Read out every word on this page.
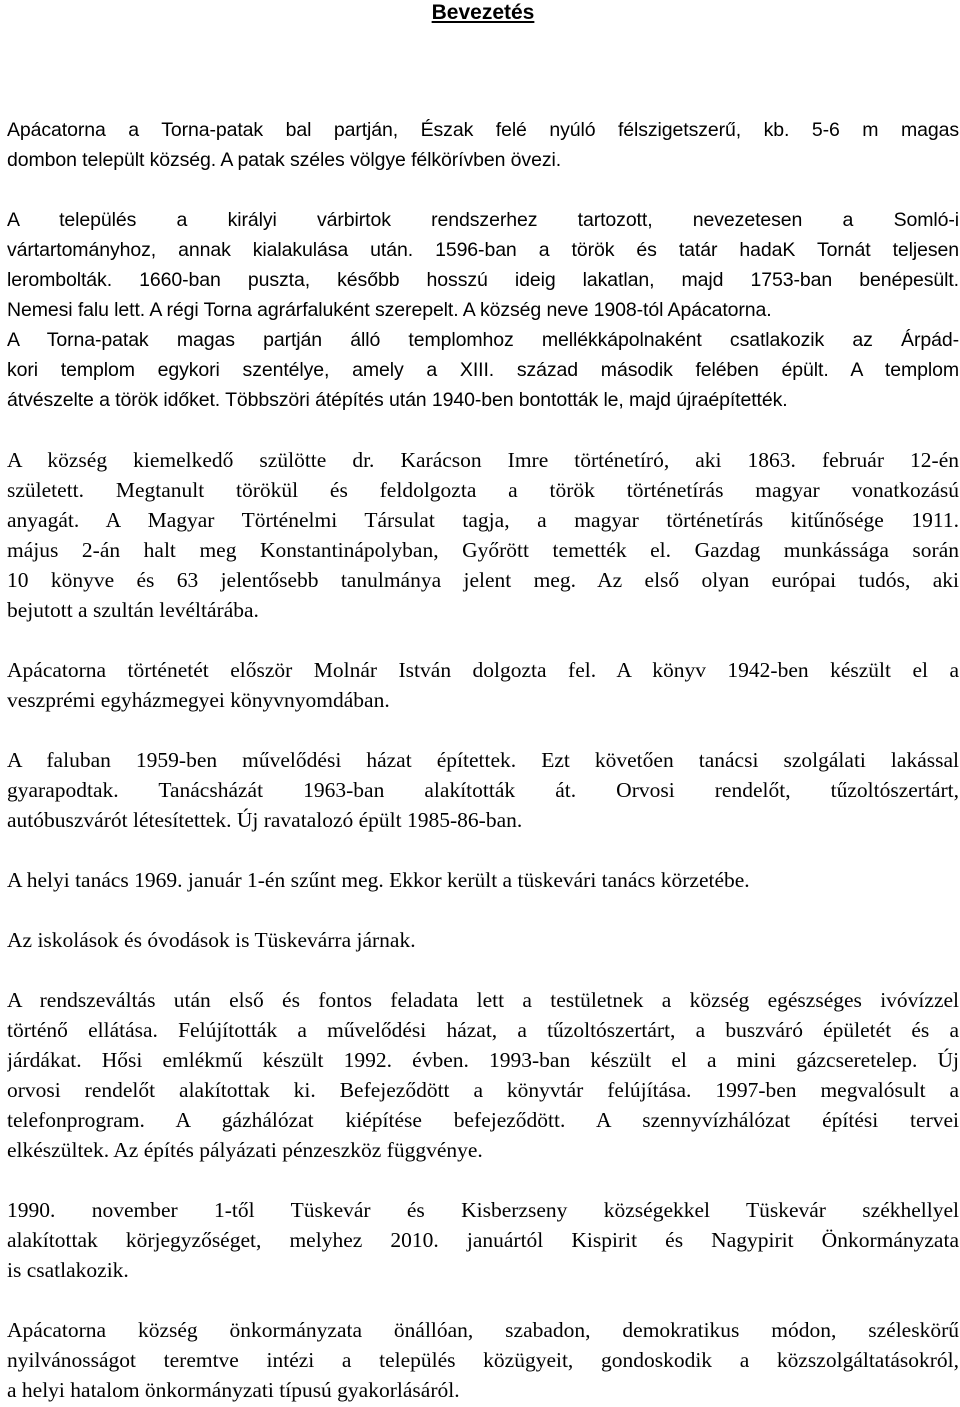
Bevezetés
Apácatorna a Torna-patak bal partján, Észak felé nyúló félszigetszerű, kb. 5-6 m magas
dombon települt község. A patak széles völgye félkörívben övezi.
A település a királyi várbirtok rendszerhez tartozott, nevezetesen a Somló-i
vártartományhoz, annak kialakulása után. 1596-ban a török és tatár hadaK Tornát teljesen
lerombolták. 1660-ban puszta, később hosszú ideig lakatlan, majd 1753-ban benépesült.
Nemesi falu lett. A régi Torna agrárfaluként szerepelt. A község neve 1908-tól Apácatorna.
A Torna-patak magas partján álló templomhoz mellékkápolnaként csatlakozik az Árpád-
kori templom egykori szentélye, amely a XIII. század második felében épült. A templom
átvészelte a török időket. Többszöri átépítés után 1940-ben bontották le, majd újraépítették.
A község kiemelkedő szülötte dr. Karácson Imre történetíró, aki 1863. február 12-én
született. Megtanult törökül és feldolgozta a török történetírás magyar vonatkozású
anyagát. A Magyar Történelmi Társulat tagja, a magyar történetírás kitűnősége 1911.
május 2-án halt meg Konstantinápolyban, Győrött temették el. Gazdag munkássága során
10 könyve és 63 jelentősebb tanulmánya jelent meg. Az első olyan európai tudós, aki
bejutott a szultán levéltárába.
Apácatorna történetét először Molnár István dolgozta fel. A könyv 1942-ben készült el a
veszprémi egyházmegyei könyvnyomdában.
A faluban 1959-ben művelődési házat építettek. Ezt követően tanácsi szolgálati lakással
gyarapodtak. Tanácsházát 1963-ban alakították át. Orvosi rendelőt, tűzoltószertárt,
autóbuszvárót létesítettek. Új ravatalozó épült 1985-86-ban.
A helyi tanács 1969. január 1-én szűnt meg. Ekkor került a tüskevári tanács körzetébe.
Az iskolások és óvodások is Tüskevárra járnak.
A rendszeváltás után első és fontos feladata lett a testületnek a község egészséges ivóvízzel
történő ellátása. Felújították a művelődési házat, a tűzoltószertárt, a buszváró épületét és a
járdákat. Hősi emlékmű készült 1992. évben. 1993-ban készült el a mini gázcseretelep. Új
orvosi rendelőt alakítottak ki. Befejeződött a könyvtár felújítása. 1997-ben megvalósult a
telefonprogram. A gázhálózat kiépítése befejeződött. A szennyvízhálózat építési tervei
elkészültek. Az építés pályázati pénzeszköz függvénye.
1990. november 1-től Tüskevár és Kisberzseny községekkel Tüskevár székhellyel
alakítottak körjegyzőséget, melyhez 2010. januártól Kispirit és Nagypirit Önkormányzata
is csatlakozik.
Apácatorna község önkormányzata önállóan, szabadon, demokratikus módon, széleskörű
nyilvánosságot teremtve intézi a település közügyeit, gondoskodik a közszolgáltatásokról,
a helyi hatalom önkormányzati típusú gyakorlásáról.
